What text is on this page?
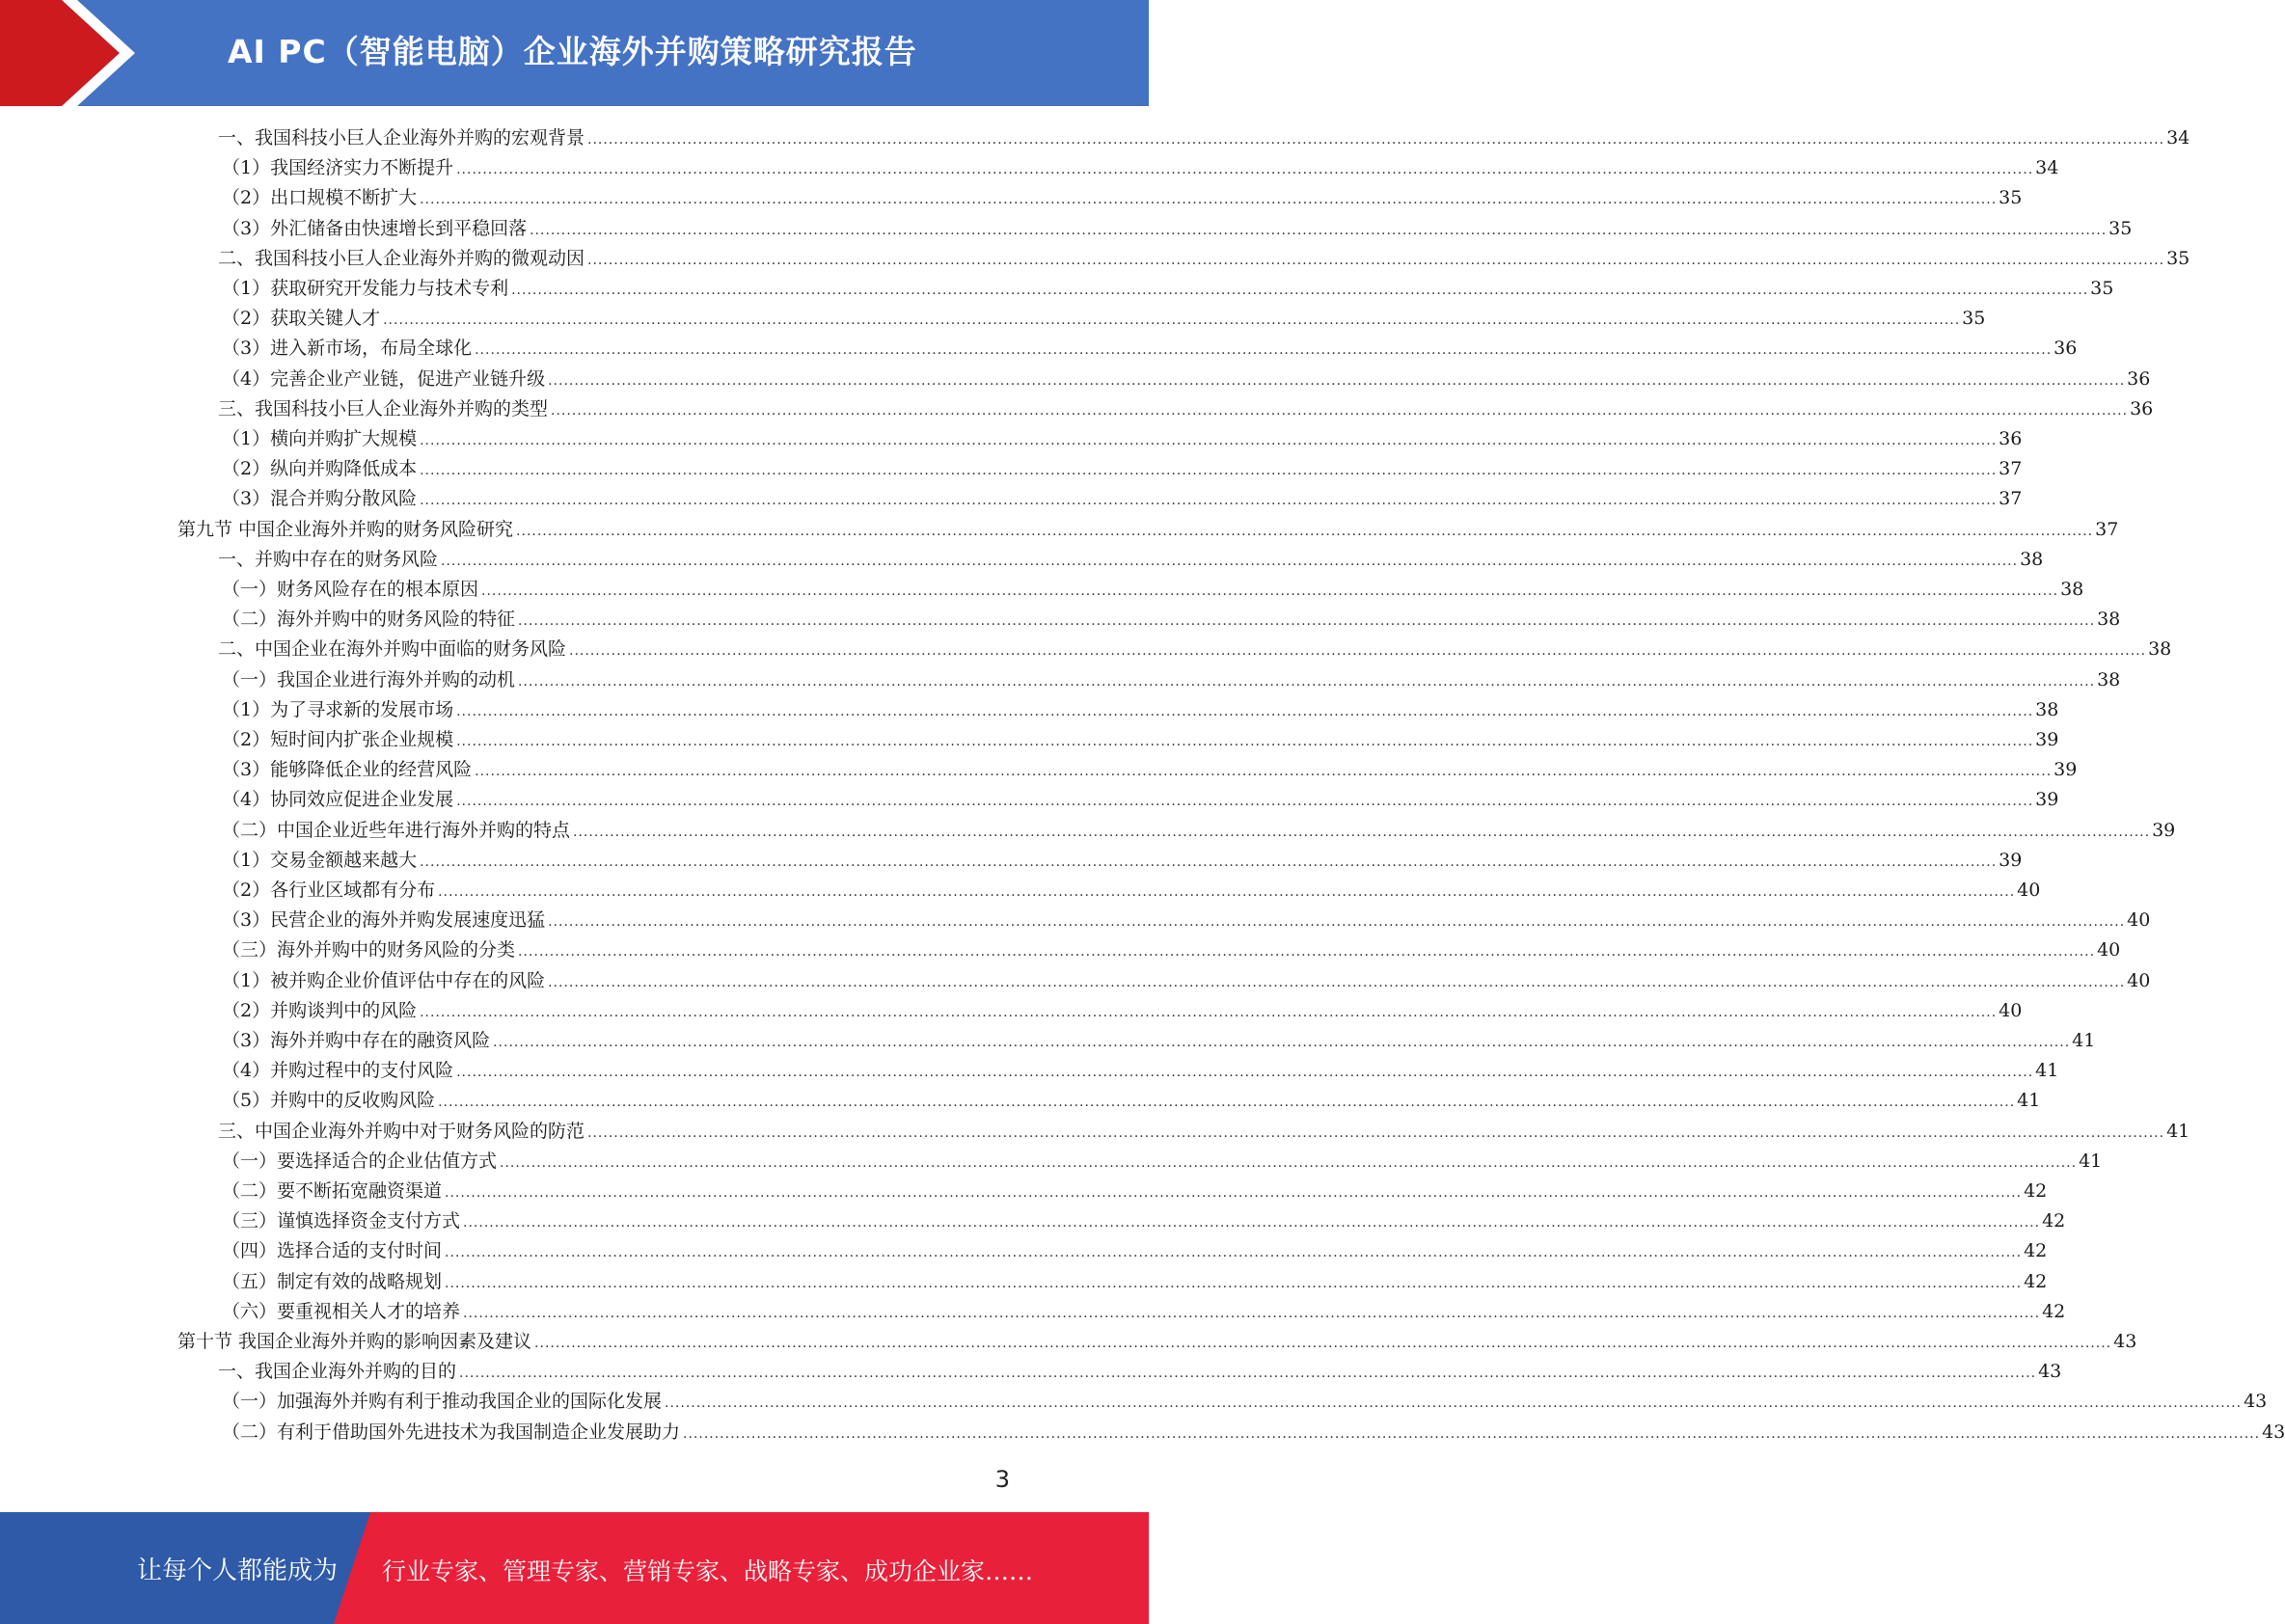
AI PC（智能电脑）企业海外并购策略研究报告
一、我国科技小巨人企业海外并购的宏观背景 ............................................................................................................................................................................................................................................................................................................ 34
（1）我国经济实力不断提升 ............................................................................................................................................................................................................................................................................................................ 34
（2）出口规模不断扩大 ............................................................................................................................................................................................................................................................................................................ 35
（3）外汇储备由快速增长到平稳回落 ............................................................................................................................................................................................................................................................................................................ 35
二、我国科技小巨人企业海外并购的微观动因 ............................................................................................................................................................................................................................................................................................................ 35
（1）获取研究开发能力与技术专利 ............................................................................................................................................................................................................................................................................................................ 35
（2）获取关键人才 ............................................................................................................................................................................................................................................................................................................ 35
（3）进入新市场，布局全球化 ............................................................................................................................................................................................................................................................................................................ 36
（4）完善企业产业链，促进产业链升级 ............................................................................................................................................................................................................................................................................................................ 36
三、我国科技小巨人企业海外并购的类型 ............................................................................................................................................................................................................................................................................................................ 36
（1）横向并购扩大规模 ............................................................................................................................................................................................................................................................................................................ 36
（2）纵向并购降低成本 ............................................................................................................................................................................................................................................................................................................ 37
（3）混合并购分散风险 ............................................................................................................................................................................................................................................................................................................ 37
第九节 中国企业海外并购的财务风险研究 ............................................................................................................................................................................................................................................................................................................ 37
一、并购中存在的财务风险 ............................................................................................................................................................................................................................................................................................................ 38
（一）财务风险存在的根本原因 ............................................................................................................................................................................................................................................................................................................ 38
（二）海外并购中的财务风险的特征 ............................................................................................................................................................................................................................................................................................................ 38
二、中国企业在海外并购中面临的财务风险 ............................................................................................................................................................................................................................................................................................................ 38
（一）我国企业进行海外并购的动机 ............................................................................................................................................................................................................................................................................................................ 38
（1）为了寻求新的发展市场 ............................................................................................................................................................................................................................................................................................................ 38
（2）短时间内扩张企业规模 ............................................................................................................................................................................................................................................................................................................ 39
（3）能够降低企业的经营风险 ............................................................................................................................................................................................................................................................................................................ 39
（4）协同效应促进企业发展 ............................................................................................................................................................................................................................................................................................................ 39
（二）中国企业近些年进行海外并购的特点 ............................................................................................................................................................................................................................................................................................................ 39
（1）交易金额越来越大 ............................................................................................................................................................................................................................................................................................................ 39
（2）各行业区域都有分布 ............................................................................................................................................................................................................................................................................................................ 40
（3）民营企业的海外并购发展速度迅猛 ............................................................................................................................................................................................................................................................................................................ 40
（三）海外并购中的财务风险的分类 ............................................................................................................................................................................................................................................................................................................ 40
（1）被并购企业价值评估中存在的风险 ............................................................................................................................................................................................................................................................................................................ 40
（2）并购谈判中的风险 ............................................................................................................................................................................................................................................................................................................ 40
（3）海外并购中存在的融资风险 ............................................................................................................................................................................................................................................................................................................ 41
（4）并购过程中的支付风险 ............................................................................................................................................................................................................................................................................................................ 41
（5）并购中的反收购风险 ............................................................................................................................................................................................................................................................................................................ 41
三、中国企业海外并购中对于财务风险的防范 ............................................................................................................................................................................................................................................................................................................ 41
（一）要选择适合的企业估值方式 ............................................................................................................................................................................................................................................................................................................ 41
（二）要不断拓宽融资渠道 ............................................................................................................................................................................................................................................................................................................ 42
（三）谨慎选择资金支付方式 ............................................................................................................................................................................................................................................................................................................ 42
（四）选择合适的支付时间 ............................................................................................................................................................................................................................................................................................................ 42
（五）制定有效的战略规划 ............................................................................................................................................................................................................................................................................................................ 42
（六）要重视相关人才的培养 ............................................................................................................................................................................................................................................................................................................ 42
第十节 我国企业海外并购的影响因素及建议 ............................................................................................................................................................................................................................................................................................................ 43
一、我国企业海外并购的目的 ............................................................................................................................................................................................................................................................................................................ 43
（一）加强海外并购有利于推动我国企业的国际化发展 ............................................................................................................................................................................................................................................................................................................ 43
（二）有利于借助国外先进技术为我国制造企业发展助力 ............................................................................................................................................................................................................................................................................................................ 43
3
让每个人都能成为 行业专家、管理专家、营销专家、战略专家、成功企业家……
